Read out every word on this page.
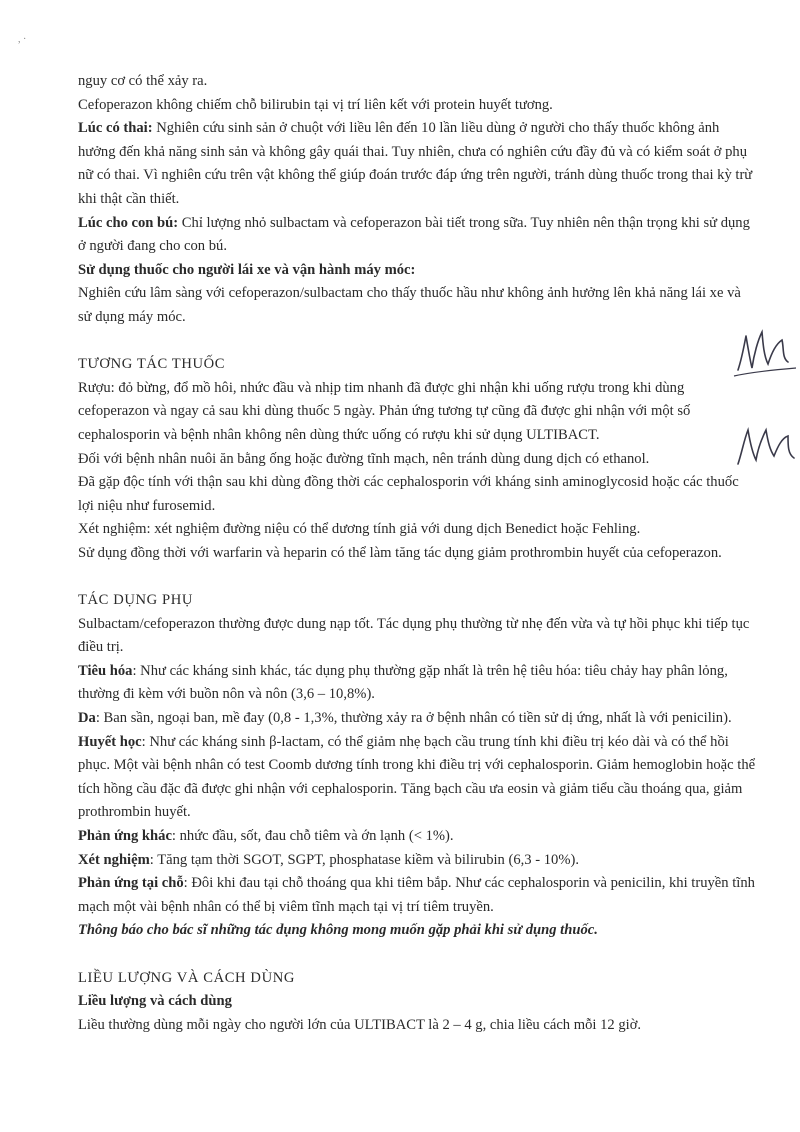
, ·

nguy cơ có thể xảy ra.

Cefoperazon không chiếm chỗ bilirubin tại vị trí liên kết với protein huyết tương.

Lúc có thai: Nghiên cứu sinh sản ở chuột với liều lên đến 10 lần liều dùng ở người cho thấy thuốc không ảnh hưởng đến khả năng sinh sản và không gây quái thai. Tuy nhiên, chưa có nghiên cứu đầy đủ và có kiểm soát ở phụ nữ có thai. Vì nghiên cứu trên vật không thể giúp đoán trước đáp ứng trên người, tránh dùng thuốc trong thai kỳ trừ khi thật cần thiết.

Lúc cho con bú: Chỉ lượng nhỏ sulbactam và cefoperazon bài tiết trong sữa. Tuy nhiên nên thận trọng khi sử dụng ở người đang cho con bú.

Sử dụng thuốc cho người lái xe và vận hành máy móc:

Nghiên cứu lâm sàng với cefoperazon/sulbactam cho thấy thuốc hầu như không ảnh hưởng lên khả năng lái xe và sử dụng máy móc.

TƯƠNG TÁC THUỐC

Rượu: đỏ bừng, đổ mồ hôi, nhức đầu và nhịp tim nhanh đã được ghi nhận khi uống rượu trong khi dùng cefoperazon và ngay cả sau khi dùng thuốc 5 ngày. Phản ứng tương tự cũng đã được ghi nhận với một số cephalosporin và bệnh nhân không nên dùng thức uống có rượu khi sử dụng ULTIBACT.

Đối với bệnh nhân nuôi ăn bằng ống hoặc đường tĩnh mạch, nên tránh dùng dung dịch có ethanol.

Đã gặp độc tính với thận sau khi dùng đồng thời các cephalosporin với kháng sinh aminoglycosid hoặc các thuốc lợi niệu như furosemid.

Xét nghiệm: xét nghiệm đường niệu có thể dương tính giả với dung dịch Benedict hoặc Fehling.

Sử dụng đồng thời với warfarin và heparin có thể làm tăng tác dụng giảm prothrombin huyết của cefoperazon.

TÁC DỤNG PHỤ

Sulbactam/cefoperazon thường được dung nạp tốt. Tác dụng phụ thường từ nhẹ đến vừa và tự hồi phục khi tiếp tục điều trị.

Tiêu hóa: Như các kháng sinh khác, tác dụng phụ thường gặp nhất là trên hệ tiêu hóa: tiêu chảy hay phân lỏng, thường đi kèm với buồn nôn và nôn (3,6 – 10,8%).

Da: Ban sần, ngoại ban, mề đay (0,8 - 1,3%, thường xảy ra ở bệnh nhân có tiền sử dị ứng, nhất là với penicilin).

Huyết học: Như các kháng sinh β-lactam, có thể giảm nhẹ bạch cầu trung tính khi điều trị kéo dài và có thể hồi phục. Một vài bệnh nhân có test Coomb dương tính trong khi điều trị với cephalosporin. Giảm hemoglobin hoặc thể tích hồng cầu đặc đã được ghi nhận với cephalosporin. Tăng bạch cầu ưa eosin và giảm tiểu cầu thoáng qua, giảm prothrombin huyết.

Phản ứng khác: nhức đầu, sốt, đau chỗ tiêm và ớn lạnh (< 1%).

Xét nghiệm: Tăng tạm thời SGOT, SGPT, phosphatase kiềm và bilirubin (6,3 - 10%).

Phản ứng tại chỗ: Đôi khi đau tại chỗ thoáng qua khi tiêm bắp. Như các cephalosporin và penicilin, khi truyền tĩnh mạch một vài bệnh nhân có thể bị viêm tĩnh mạch tại vị trí tiêm truyền.

Thông báo cho bác sĩ những tác dụng không mong muốn gặp phải khi sử dụng thuốc.

LIỀU LƯỢNG VÀ CÁCH DÙNG

Liều lượng và cách dùng

Liều thường dùng mỗi ngày cho người lớn của ULTIBACT là 2 – 4 g, chia liều cách mỗi 12 giờ.
